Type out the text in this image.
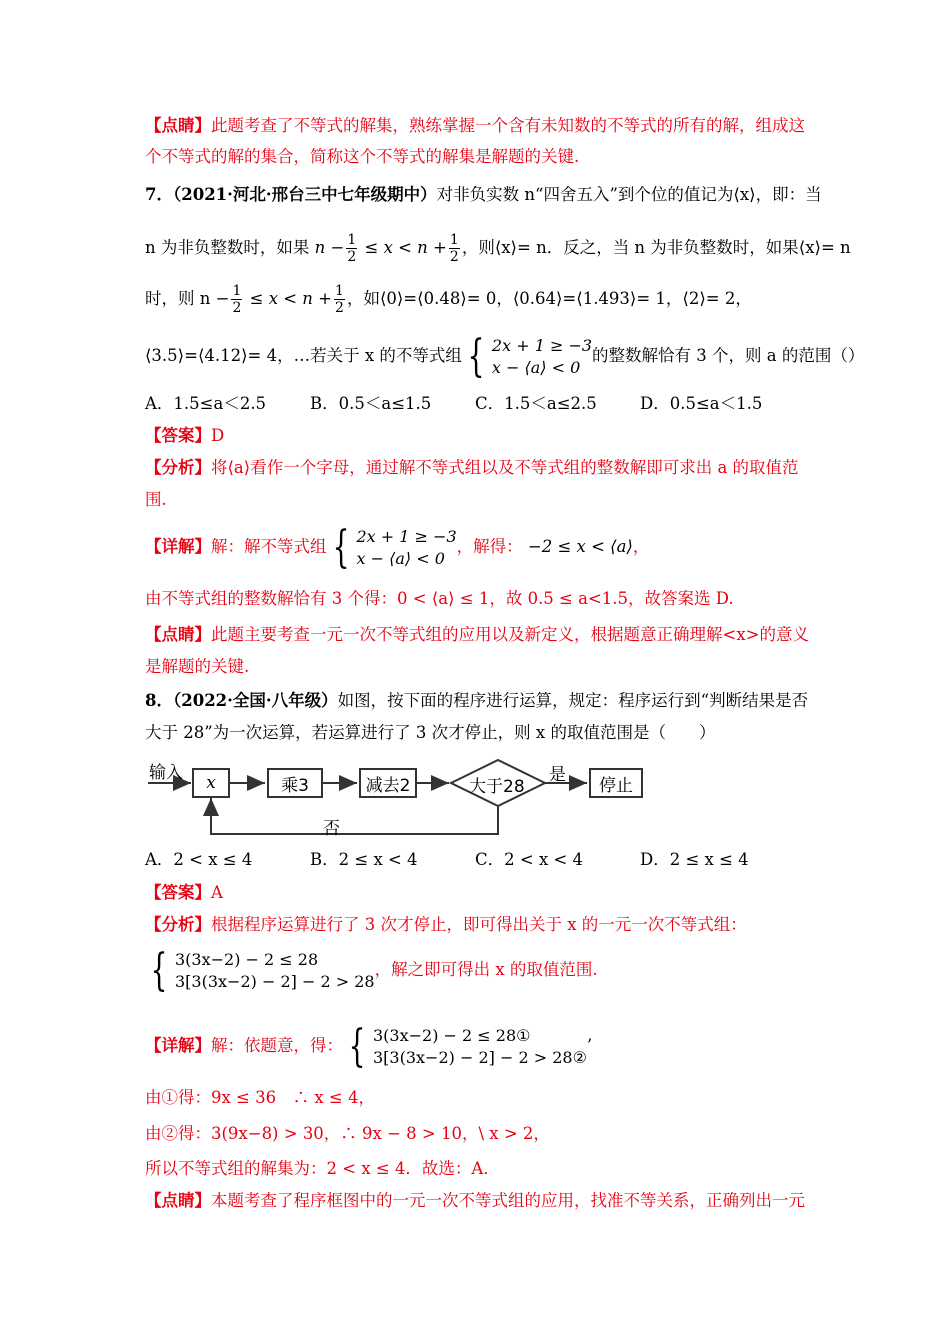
【点睛】此题考查了不等式的解集，熟练掌握一个含有未知数的不等式的所有的解，组成这
个不等式的解的集合，简称这个不等式的解集是解题的关键.
7．（2021·河北·邢台三中七年级期中）对非负实数 n“四舍五入”到个位的值记为⟨x⟩，即：当
n 为非负整数时，如果 $n - \frac{1}{2} \le x < n + \frac{1}{2}$ ，则⟨x⟩= n．反之，当 n 为非负整数时，如果⟨x⟩= n
时，则 $n - \frac{1}{2} \le x < n + \frac{1}{2}$ ，如⟨0⟩=⟨0.48⟩= 0，⟨0.64⟩=⟨1.493⟩= 1，⟨2⟩= 2，
⟨3.5⟩=⟨4.12⟩= 4，…若关于 x 的不等式组 { 2x + 1 ≥ −3
x − ⟨a⟩ < 0
的整数解恰有 3 个，则 a 的范围（）
A．1.5≤a＜2.5	B．0.5＜a≤1.5	C．1.5＜a≤2.5	D．0.5≤a＜1.5
【答案】D
【分析】将⟨a⟩看作一个字母，通过解不等式组以及不等式组的整数解即可求出 a 的取值范
围.
【详解】解：解不等式组 { 2x + 1 ≥ −3
x − ⟨a⟩ < 0
，解得： −2 ≤ x < ⟨a⟩，
由不等式组的整数解恰有 3 个得：0 < ⟨a⟩ ≤ 1，故 0.5 ≤ a<1.5，故答案选 D.
【点睛】此题主要考查一元一次不等式组的应用以及新定义，根据题意正确理解<x>的意义
是解题的关键.
8．（2022·全国·八年级）如图，按下面的程序进行运算，规定：程序运行到“判断结果是否
大于 28”为一次运算，若运算进行了 3 次才停止，则 x 的取值范围是（　　）
输入	x	乘3	减去2	大于28
是
停止
否
A．2 < x ≤ 4	B．2 ≤ x < 4	C．2 < x < 4	D．2 ≤ x ≤ 4
【答案】A
【分析】根据程序运算进行了 3 次才停止，即可得出关于 x 的一元一次不等式组：
{ 3(3x−2) − 2 ≤ 28
3[3(3x−2) − 2] − 2 > 28
，解之即可得出 x 的取值范围.
【详解】解：依题意，得： { 3(3x−2) − 2 ≤ 28①
3[3(3x−2) − 2] − 2 > 28②
’
由①得：9x ≤ 36　∴ x ≤ 4，
由②得：3(9x−8) > 30，∴ 9x − 8 > 10，\ x > 2，
所以不等式组的解集为：2 < x ≤ 4．故选：A．
【点睛】本题考查了程序框图中的一元一次不等式组的应用，找准不等关系，正确列出一元
